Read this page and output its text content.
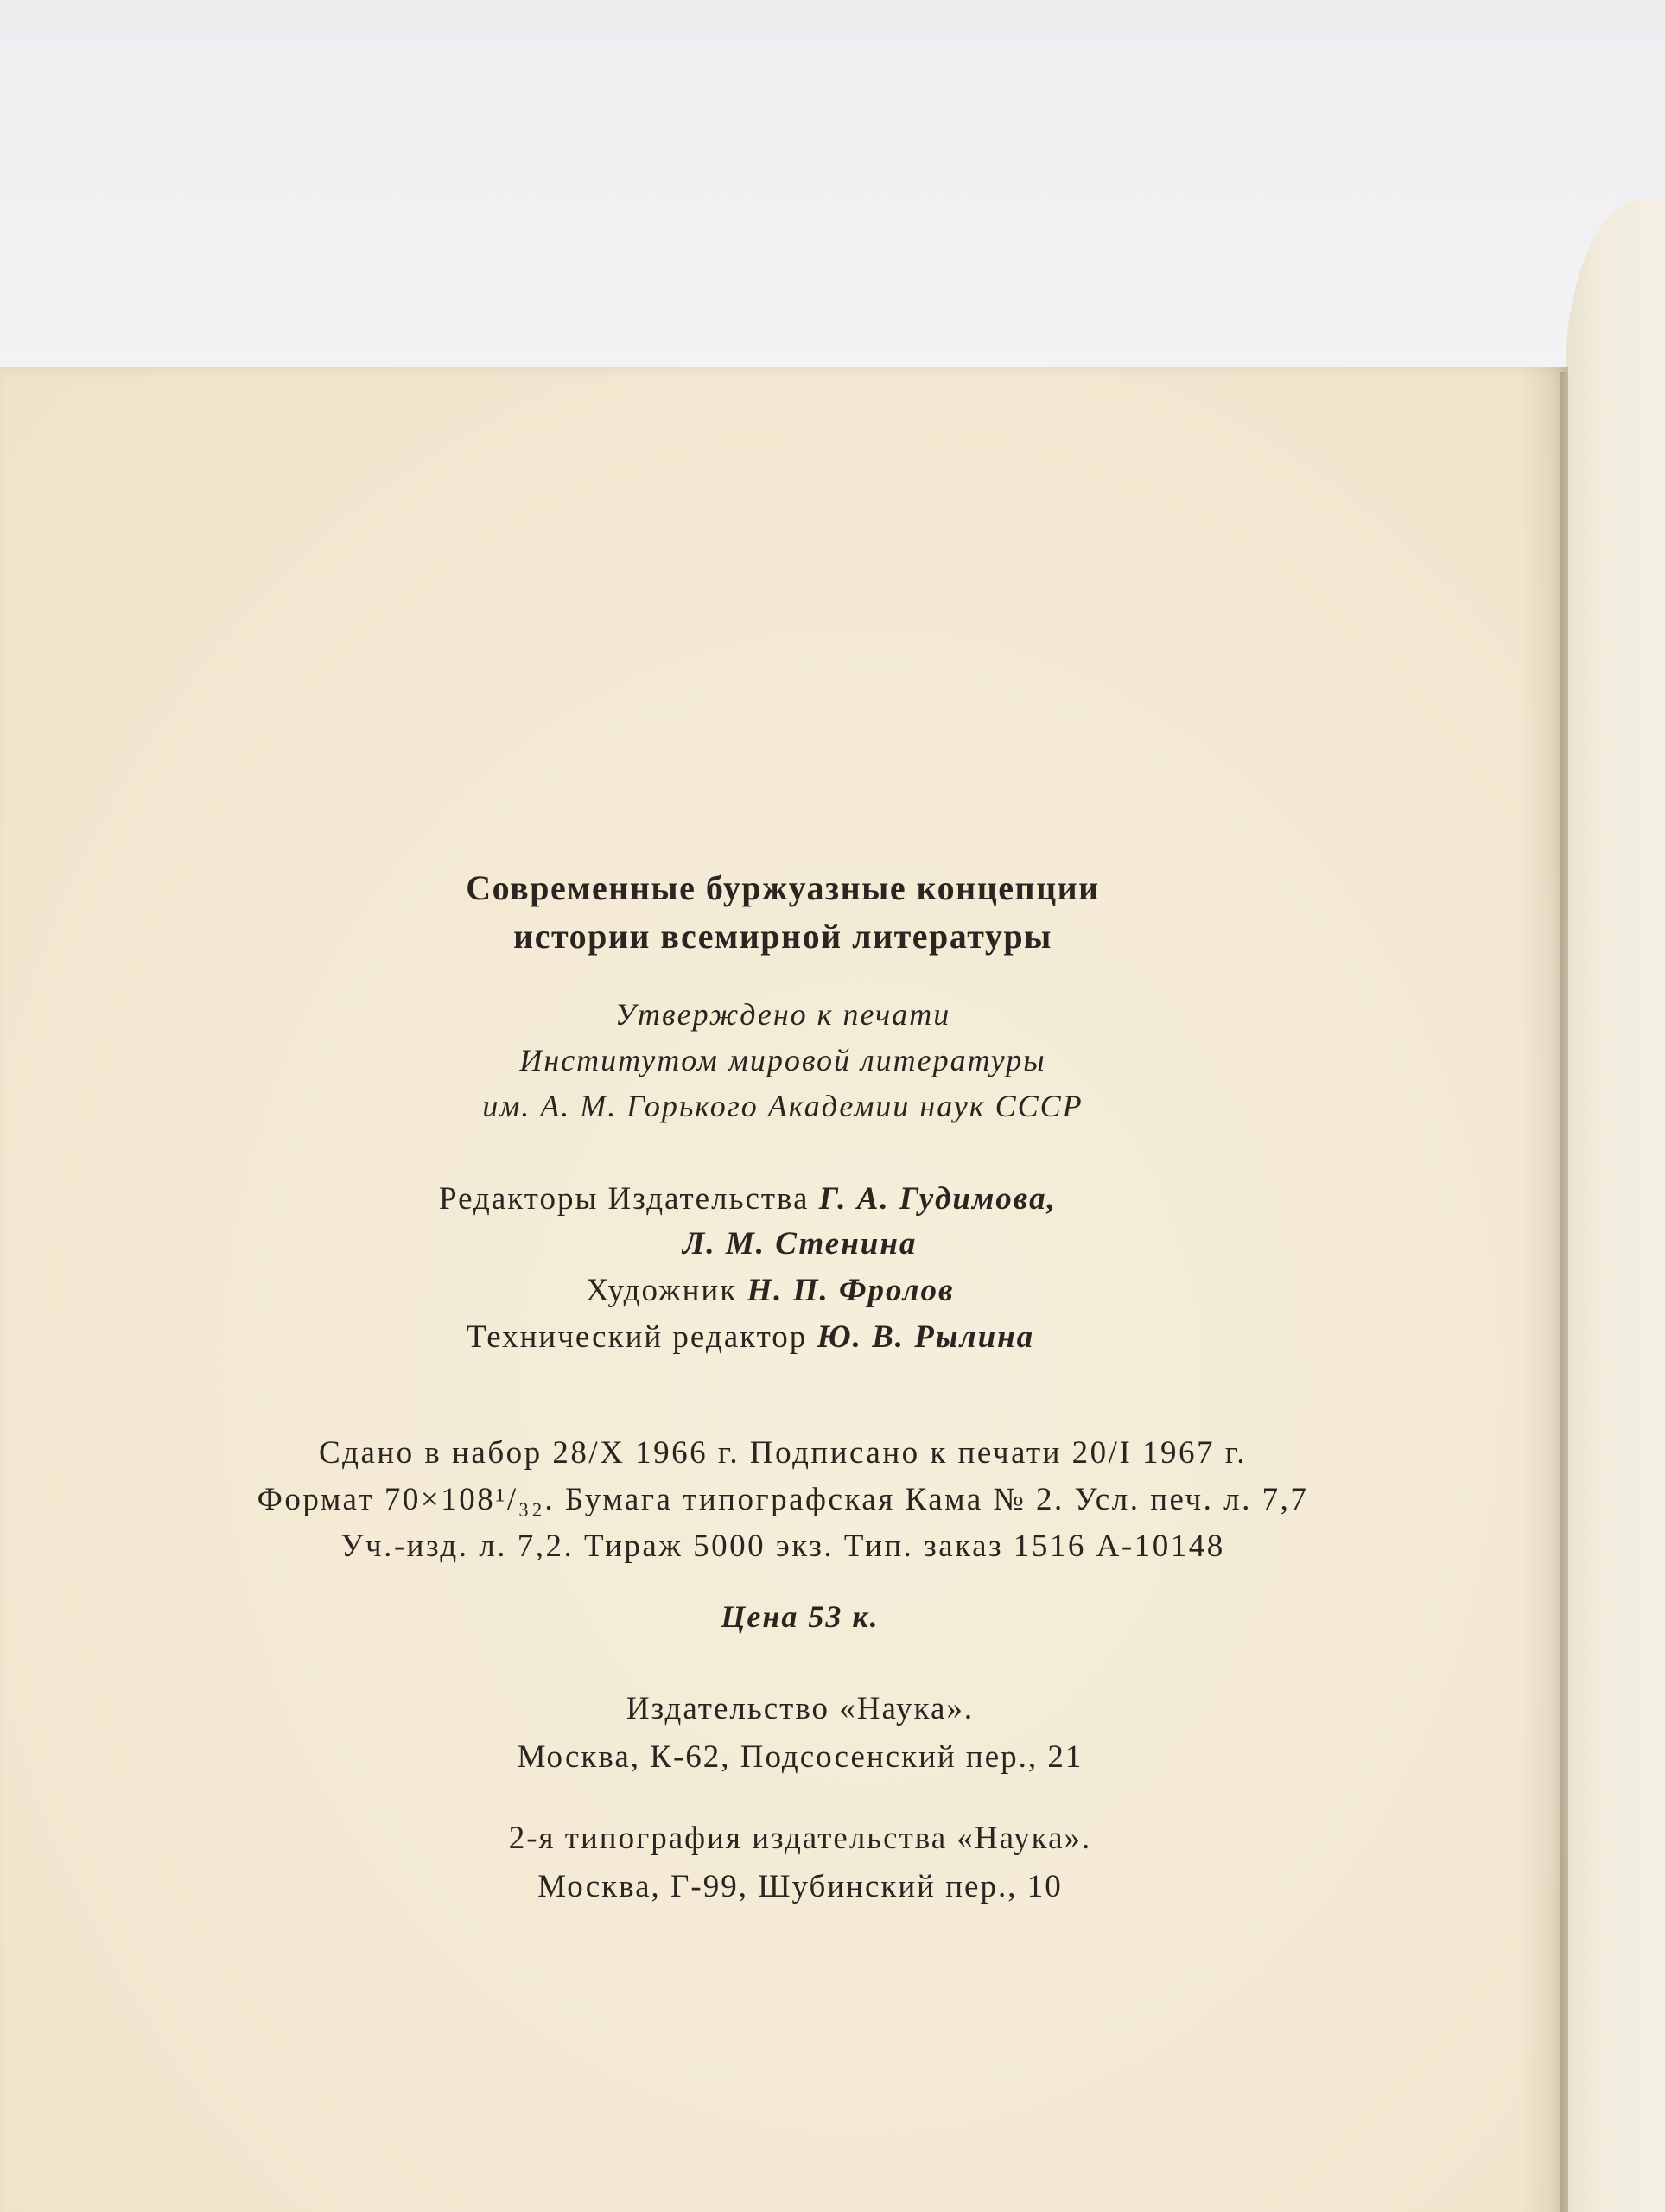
Современные буржуазные концепции
истории всемирной литературы
Утверждено к печати
Институтом мировой литературы
им. А. М. Горького Академии наук СССР
Редакторы Издательства Г. А. Гудимова,
Л. М. Стенина
Художник Н. П. Фролов
Технический редактор Ю. В. Рылина
Сдано в набор 28/X 1966 г. Подписано к печати 20/I 1967 г.
Формат 70×108¹/₃₂. Бумага типографская Кама № 2. Усл. печ. л. 7,7
Уч.-изд. л. 7,2. Тираж 5000 экз. Тип. заказ 1516 А-10148
Цена 53 к.
Издательство «Наука».
Москва, К-62, Подсосенский пер., 21
2-я типография издательства «Наука».
Москва, Г-99, Шубинский пер., 10
